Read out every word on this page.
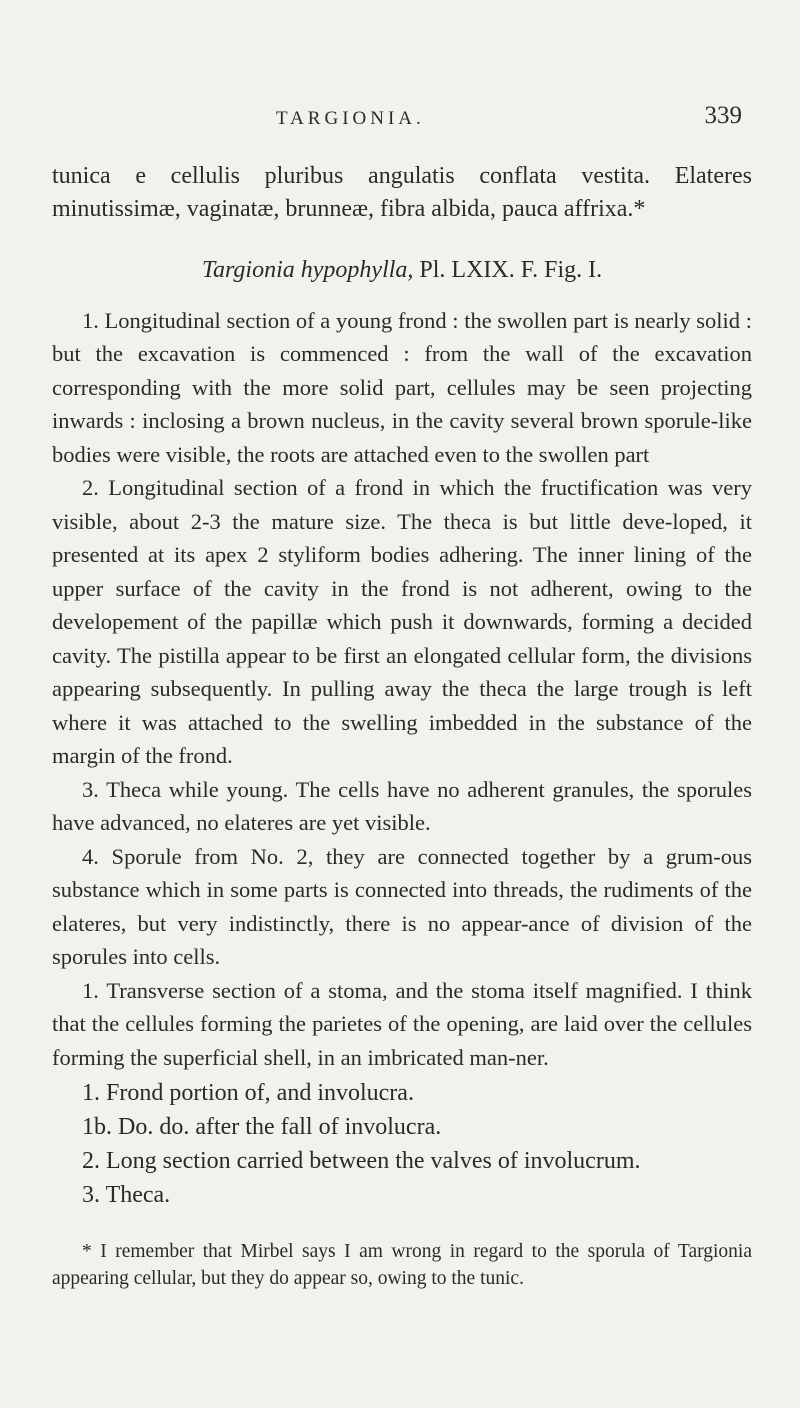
TARGIONIA.	339

tunica e cellulis pluribus angulatis conflata vestita. Elateres minutissimæ, vaginatæ, brunneæ, fibra albida, pauca affrixa.*

Targionia hypophylla, Pl. LXIX. F. Fig. I.

1. Longitudinal section of a young frond : the swollen part is nearly solid : but the excavation is commenced : from the wall of the excavation corresponding with the more solid part, cellules may be seen projecting inwards : inclosing a brown nucleus, in the cavity several brown sporule-like bodies were visible, the roots are attached even to the swollen part

2. Longitudinal section of a frond in which the fructification was very visible, about 2-3 the mature size. The theca is but little deve-loped, it presented at its apex 2 styliform bodies adhering. The inner lining of the upper surface of the cavity in the frond is not adherent, owing to the developement of the papillæ which push it downwards, forming a decided cavity. The pistilla appear to be first an elongated cellular form, the divisions appearing subsequently. In pulling away the theca the large trough is left where it was attached to the swelling imbedded in the substance of the margin of the frond.

3. Theca while young. The cells have no adherent granules, the sporules have advanced, no elateres are yet visible.

4. Sporule from No. 2, they are connected together by a grum-ous substance which in some parts is connected into threads, the rudiments of the elateres, but very indistinctly, there is no appear-ance of division of the sporules into cells.

1. Transverse section of a stoma, and the stoma itself magnified. I think that the cellules forming the parietes of the opening, are laid over the cellules forming the superficial shell, in an imbricated man-ner.

1. Frond portion of, and involucra.

1b. Do. do. after the fall of involucra.

2. Long section carried between the valves of involucrum.

3. Theca.

* I remember that Mirbel says I am wrong in regard to the sporula of Targionia appearing cellular, but they do appear so, owing to the tunic.
